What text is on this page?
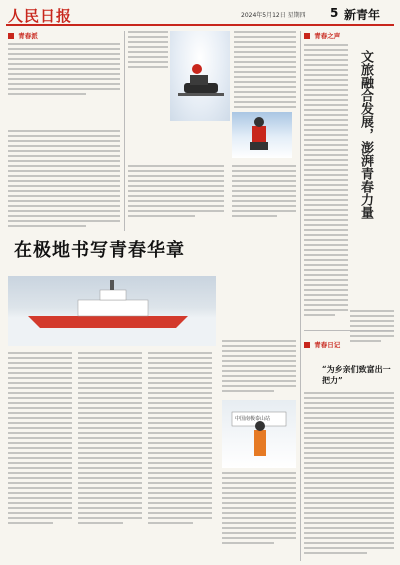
人民日报	2024年5月12日 星期四 5 新青年
青春派
在极地书写青春华章
中国南极泰山站
青春之声
文旅融合发展，澎湃青春力量
青春日记
“为乡亲们致富出一把力”
